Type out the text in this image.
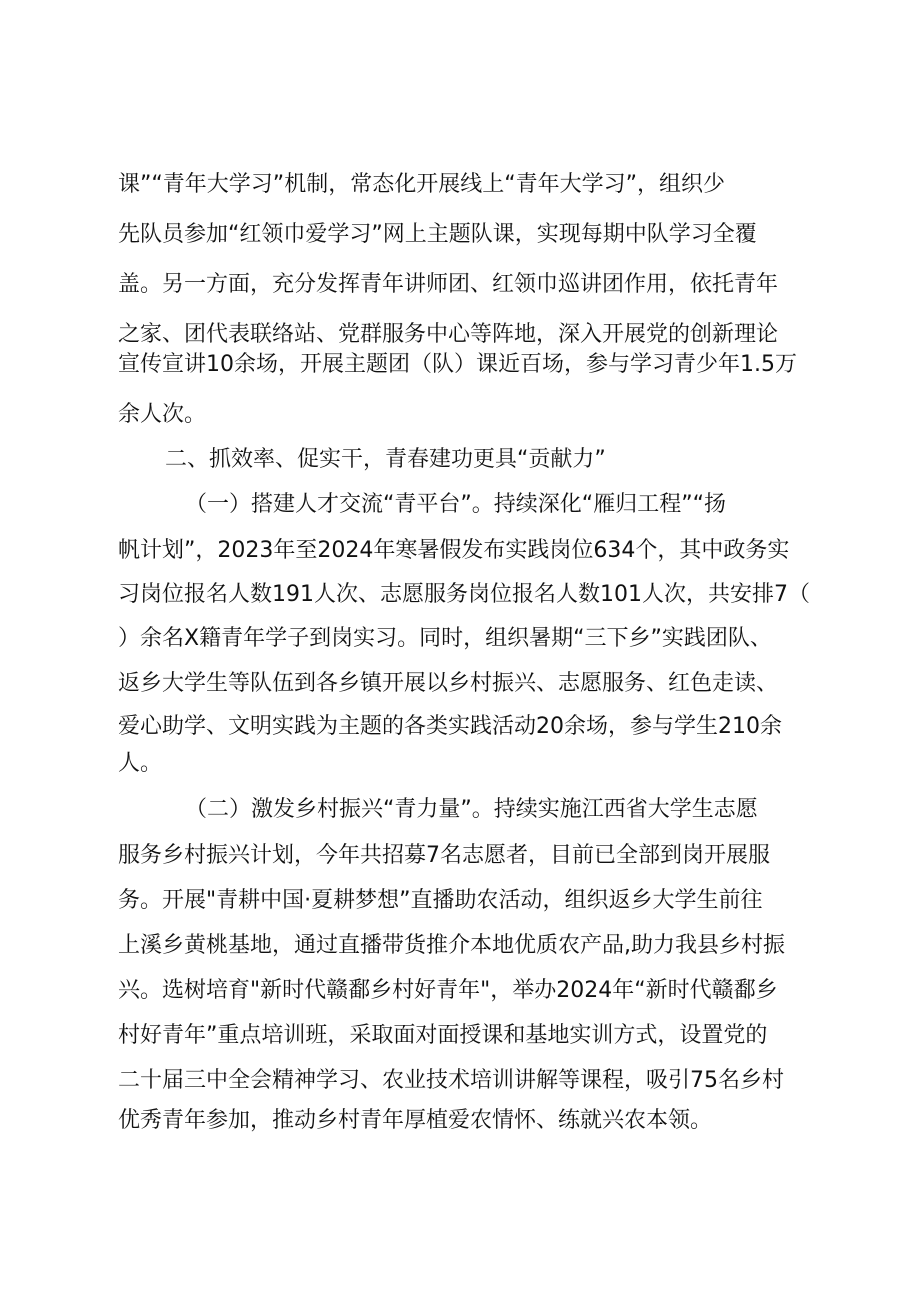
课”“青年大学习”机制，常态化开展线上“青年大学习”，组织少
先队员参加“红领巾爱学习”网上主题队课，实现每期中队学习全覆
盖。另一方面，充分发挥青年讲师团、红领巾巡讲团作用，依托青年
之家、团代表联络站、党群服务中心等阵地，深入开展党的创新理论
宣传宣讲10余场，开展主题团（队）课近百场，参与学习青少年1.5万
余人次。
二、抓效率、促实干，青春建功更具“贡献力”
（一）搭建人才交流“青平台”。持续深化“雁归工程”“扬
帆计划”，2023年至2024年寒暑假发布实践岗位634个，其中政务实
习岗位报名人数191人次、志愿服务岗位报名人数101人次，共安排7（
）余名X籍青年学子到岗实习。同时，组织暑期“三下乡”实践团队、
返乡大学生等队伍到各乡镇开展以乡村振兴、志愿服务、红色走读、
爱心助学、文明实践为主题的各类实践活动20余场，参与学生210余
人。
（二）激发乡村振兴“青力量”。持续实施江西省大学生志愿
服务乡村振兴计划，今年共招募7名志愿者，目前已全部到岗开展服
务。开展"青耕中国·夏耕梦想”直播助农活动，组织返乡大学生前往
上溪乡黄桃基地，通过直播带货推介本地优质农产品,助力我县乡村振
兴。选树培育"新时代赣鄱乡村好青年"，举办2024年“新时代赣鄱乡
村好青年”重点培训班，采取面对面授课和基地实训方式，设置党的
二十届三中全会精神学习、农业技术培训讲解等课程，吸引75名乡村
优秀青年参加，推动乡村青年厚植爱农情怀、练就兴农本领。
